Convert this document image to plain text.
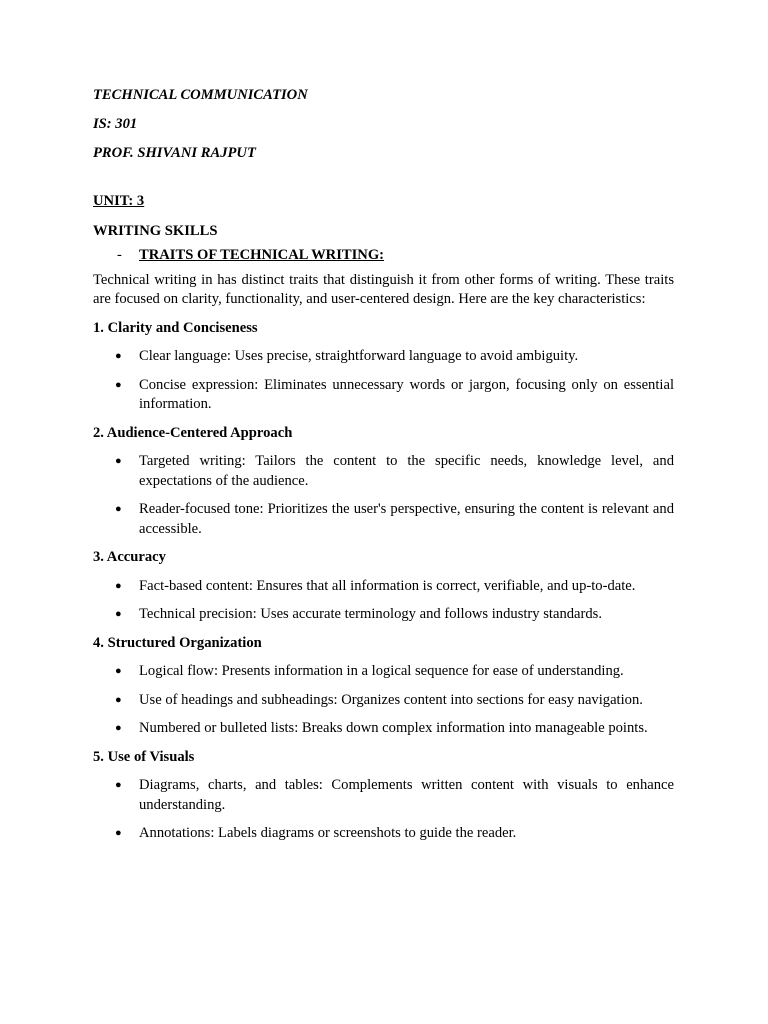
TECHNICAL COMMUNICATION
IS: 301
PROF. SHIVANI RAJPUT
UNIT: 3
WRITING SKILLS
-	TRAITS OF TECHNICAL WRITING:
Technical writing in has distinct traits that distinguish it from other forms of writing. These traits are focused on clarity, functionality, and user-centered design. Here are the key characteristics:
1. Clarity and Conciseness
● Clear language: Uses precise, straightforward language to avoid ambiguity.
● Concise expression: Eliminates unnecessary words or jargon, focusing only on essential information.
2. Audience-Centered Approach
● Targeted writing: Tailors the content to the specific needs, knowledge level, and expectations of the audience.
● Reader-focused tone: Prioritizes the user's perspective, ensuring the content is relevant and accessible.
3. Accuracy
● Fact-based content: Ensures that all information is correct, verifiable, and up-to-date.
● Technical precision: Uses accurate terminology and follows industry standards.
4. Structured Organization
● Logical flow: Presents information in a logical sequence for ease of understanding.
● Use of headings and subheadings: Organizes content into sections for easy navigation.
● Numbered or bulleted lists: Breaks down complex information into manageable points.
5. Use of Visuals
● Diagrams, charts, and tables: Complements written content with visuals to enhance understanding.
● Annotations: Labels diagrams or screenshots to guide the reader.
